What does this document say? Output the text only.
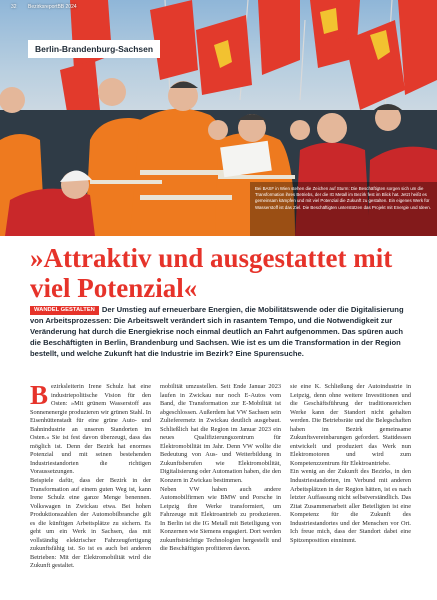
32 BezirksreportBB 2024
Berlin-Brandenburg-Sachsen
Bei BASF in Wien stehen die Zeichen auf Sturm: Die Beschäftigten sorgen sich um die Transformation ihres Betriebs, der die IG Metall im Bezirk fest im Blick hat. Jetzt heißt es gemeinsam kämpfen und mit viel Potenzial die Zukunft zu gestalten. Ein eigenes Werk für Wasserstoff ist das Ziel. Die Beschäftigten unterstützen das Projekt mit Energie und Ideen.
»Attraktiv und ausgestattet mit viel Potenzial«

WANDEL GESTALTEN Der Umstieg auf erneuerbare Energien, die Mobilitätswende oder die Digitalisierung von Arbeitsprozessen: Die Arbeitswelt verändert sich in rasantem Tempo, und die Notwendigkeit zur Veränderung hat durch die Energiekrise noch einmal deutlich an Fahrt aufgenommen. Das spüren auch die Beschäftigten in Berlin, Brandenburg und Sachsen. Wie ist es um die Transformation in der Region bestellt, und welche Zukunft hat die Industrie im Bezirk? Eine Spurensuche.

B ezirksleiterin Irene Schulz hat eine industriepolitische Vision für den Osten: »Mit grünem Wasserstoff aus Sonnenenergie produzieren wir grünen Stahl. In Eisenhüttenstadt für eine grüne Auto- und Bahnindustrie an unseren Standorten im Osten.« Sie ist fest davon überzeugt, dass das möglich ist. Denn der Bezirk hat enormes Potenzial und mit seinen bestehenden Industriestandorten die richtigen Voraussetzungen.

Beispiele dafür, dass der Bezirk in der Transformation auf einem guten Weg ist, kann Irene Schulz eine ganze Menge benennen. Volkswagen in Zwickau etwa. Bei hohen Produktionszahlen der Automobilbranche gilt es die künftigen Arbeitsplätze zu sichern. Es geht um ein Werk in Sachsen, das mit vollständig elektrischer Fahrzeugfertigung zukunftsfähig ist. So ist es auch bei anderen Betrieben: Mit der Elektromobilität wird die Zukunft gestaltet.

mobilität umzustellen. Seit Ende Januar 2023 laufen in Zwickau nur noch E-Autos vom Band, die Transformation zur E-Mobilität ist abgeschlossen. Außerdem hat VW Sachsen sein Zulieferernetz in Zwickau deutlich ausgebaut. Schließlich hat die Region im Januar 2023 ein neues Qualifizierungszentrum für Elektromobilität im Jahr. Denn VW wollte die Bedeutung von Aus- und Weiterbildung in Zukunftsberufen wie Elektromobilität, Digitalisierung oder Automation haben, die den Konzern in Zwickau bestimmen.

Neben VW haben auch andere Automobilfirmen wie BMW und Porsche in Leipzig ihre Werke transformiert, um Fahrzeuge mit Elektroantrieb zu produzieren. In Berlin ist die IG Metall mit Beteiligung von Konzernen wie Siemens engagiert. Dort werden zukunftsträchtige Technologien hergestellt und die Beschäftigten profitieren davon.

sie eine K. Schließung der Autoindustrie in Leipzig, denn ohne weitere Investitionen und die Geschäftsführung der traditionsreichen Werke kann der Standort nicht gehalten werden. Die Betriebsräte und die Belegschaften haben im Bezirk gemeinsame Zukunftsvereinbarungen gefordert. Stattdessen entwickelt und produziert das Werk nun Elektromotoren und wird zum Kompetenzzentrum für Elektroantriebe.

Ein wenig an der Zukunft des Bezirks, in den Industriestandorten, im Verbund mit anderen Arbeitsplätzen in der Region hätten, ist es nach letzter Auffassung nicht selbstverständlich. Das Zitat Zusammenarbeit aller Beteiligten ist eine Kompetenz für die Zukunft des Industriestandortes und der Menschen vor Ort. Ich freue mich, dass der Standort dabei eine Spitzenposition einnimmt.
